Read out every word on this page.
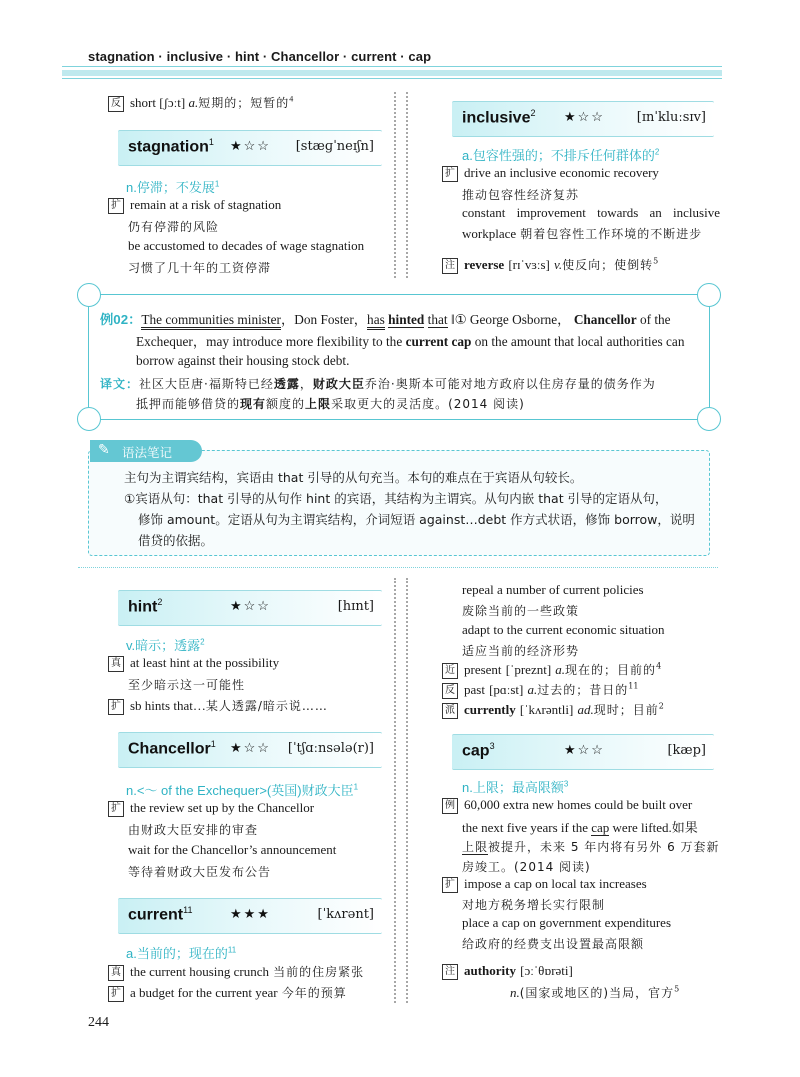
stagnation · inclusive · hint · Chancellor · current · cap
反 short [ʃɔːt] a.短期的；短暂的$^4$
stagnation$^1$ ★☆☆ [stæɡˈneɪʃn]
n.停滞；不发展$^1$
扩 remain at a risk of stagnation
仍有停滞的风险
be accustomed to decades of wage stagnation
习惯了几十年的工资停滞
inclusive$^2$ ★☆☆ [ɪnˈkluːsɪv]
a.包容性强的；不排斥任何群体的$^2$
扩 drive an inclusive economic recovery
推动包容性经济复苏
constant improvement towards an inclusive
workplace 朝着包容性工作环境的不断进步
注 reverse [rɪˈvɜːs] v.使反向；使倒转$^5$
例02：The communities minister，Don Foster，has hinted that ‖① George Osborne， Chancellor of the
Exchequer，may introduce more flexibility to the current cap on the amount that local authorities can
borrow against their housing stock debt.
译文：社区大臣唐·福斯特已经透露，财政大臣乔治·奥斯本可能对地方政府以住房存量的债务作为
抵押而能够借贷的现有额度的上限采取更大的灵活度。(2014 阅读)
✎ 语法笔记
主句为主谓宾结构，宾语由 that 引导的从句充当。本句的难点在于宾语从句较长。
①宾语从句：that 引导的从句作 hint 的宾语，其结构为主谓宾。从句内嵌 that 引导的定语从句，
修饰 amount。定语从句为主谓宾结构，介词短语 against…debt 作方式状语，修饰 borrow，说明
借贷的依据。
hint$^2$	★☆☆	[hɪnt]
v.暗示；透露$^2$
真 at least hint at the possibility
至少暗示这一可能性
扩 sb hints that…某人透露/暗示说……
Chancellor$^1$ ★☆☆ [ˈtʃɑːnsələ(r)]
n.<～ of the Exchequer>(英国)财政大臣$^1$
扩 the review set up by the Chancellor
由财政大臣安排的审查
wait for the Chancellor’s announcement
等待着财政大臣发布公告
current$^{11}$	★★★	[ˈkʌrənt]
a.当前的；现在的$^{11}$
真 the current housing crunch 当前的住房紧张
扩 a budget for the current year 今年的预算
repeal a number of current policies
废除当前的一些政策
adapt to the current economic situation
适应当前的经济形势
近 present [ˈpreznt] a.现在的；目前的$^4$
反 past [pɑːst] a.过去的；昔日的$^{11}$
派 currently [ˈkʌrəntli] ad.现时；目前$^2$
cap$^3$	★☆☆	[kæp]
n.上限；最高限额$^3$
例 60,000 extra new homes could be built over
the next five years if the cap were lifted.如果
上限被提升，未来 5 年内将有另外 6 万套新
房竣工。(2014 阅读)
扩 impose a cap on local tax increases
对地方税务增长实行限制
place a cap on government expenditures
给政府的经费支出设置最高限额
注 authority [ɔːˈθɒrəti]
n.(国家或地区的)当局，官方$^5$
244
